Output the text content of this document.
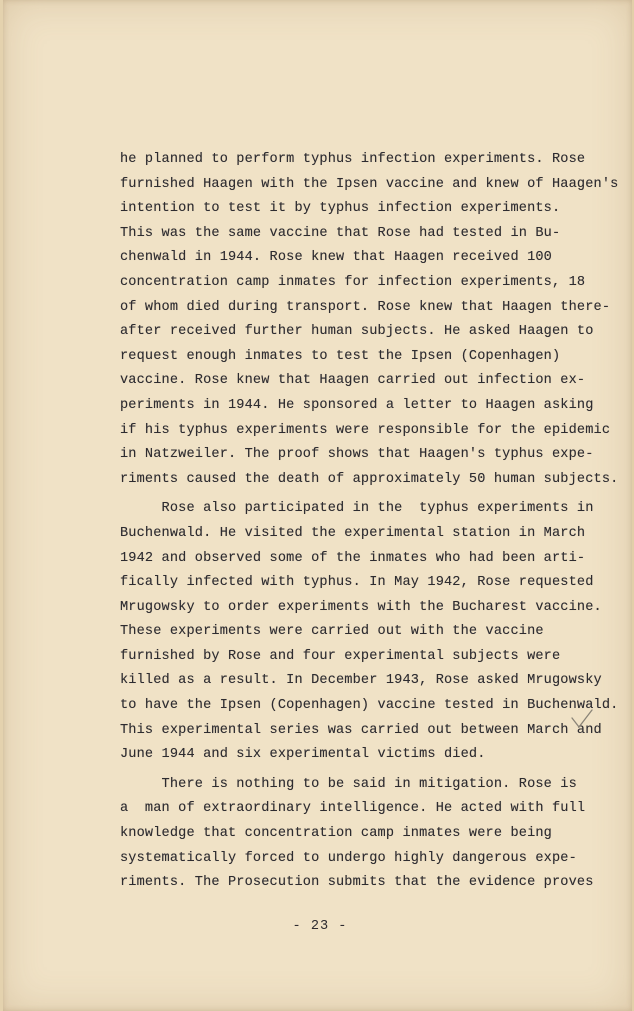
he planned to perform typhus infection experiments. Rose
furnished Haagen with the Ipsen vaccine and knew of Haagen's
intention to test it by typhus infection experiments.
This was the same vaccine that Rose had tested in Bu-
chenwald in 1944. Rose knew that Haagen received 100
concentration camp inmates for infection experiments, 18
of whom died during transport. Rose knew that Haagen there-
after received further human subjects. He asked Haagen to
request enough inmates to test the Ipsen (Copenhagen)
vaccine. Rose knew that Haagen carried out infection ex-
periments in 1944. He sponsored a letter to Haagen asking
if his typhus experiments were responsible for the epidemic
in Natzweiler. The proof shows that Haagen's typhus expe-
riments caused the death of approximately 50 human subjects.
Rose also participated in the  typhus experiments in
Buchenwald. He visited the experimental station in March
1942 and observed some of the inmates who had been arti-
fically infected with typhus. In May 1942, Rose requested
Mrugowsky to order experiments with the Bucharest vaccine.
These experiments were carried out with the vaccine
furnished by Rose and four experimental subjects were
killed as a result. In December 1943, Rose asked Mrugowsky
to have the Ipsen (Copenhagen) vaccine tested in Buchenwald.
This experimental series was carried out between March and
June 1944 and six experimental victims died.
There is nothing to be said in mitigation. Rose is
a  man of extraordinary intelligence. He acted with full
knowledge that concentration camp inmates were being
systematically forced to undergo highly dangerous expe-
riments. The Prosecution submits that the evidence proves
- 23 -
